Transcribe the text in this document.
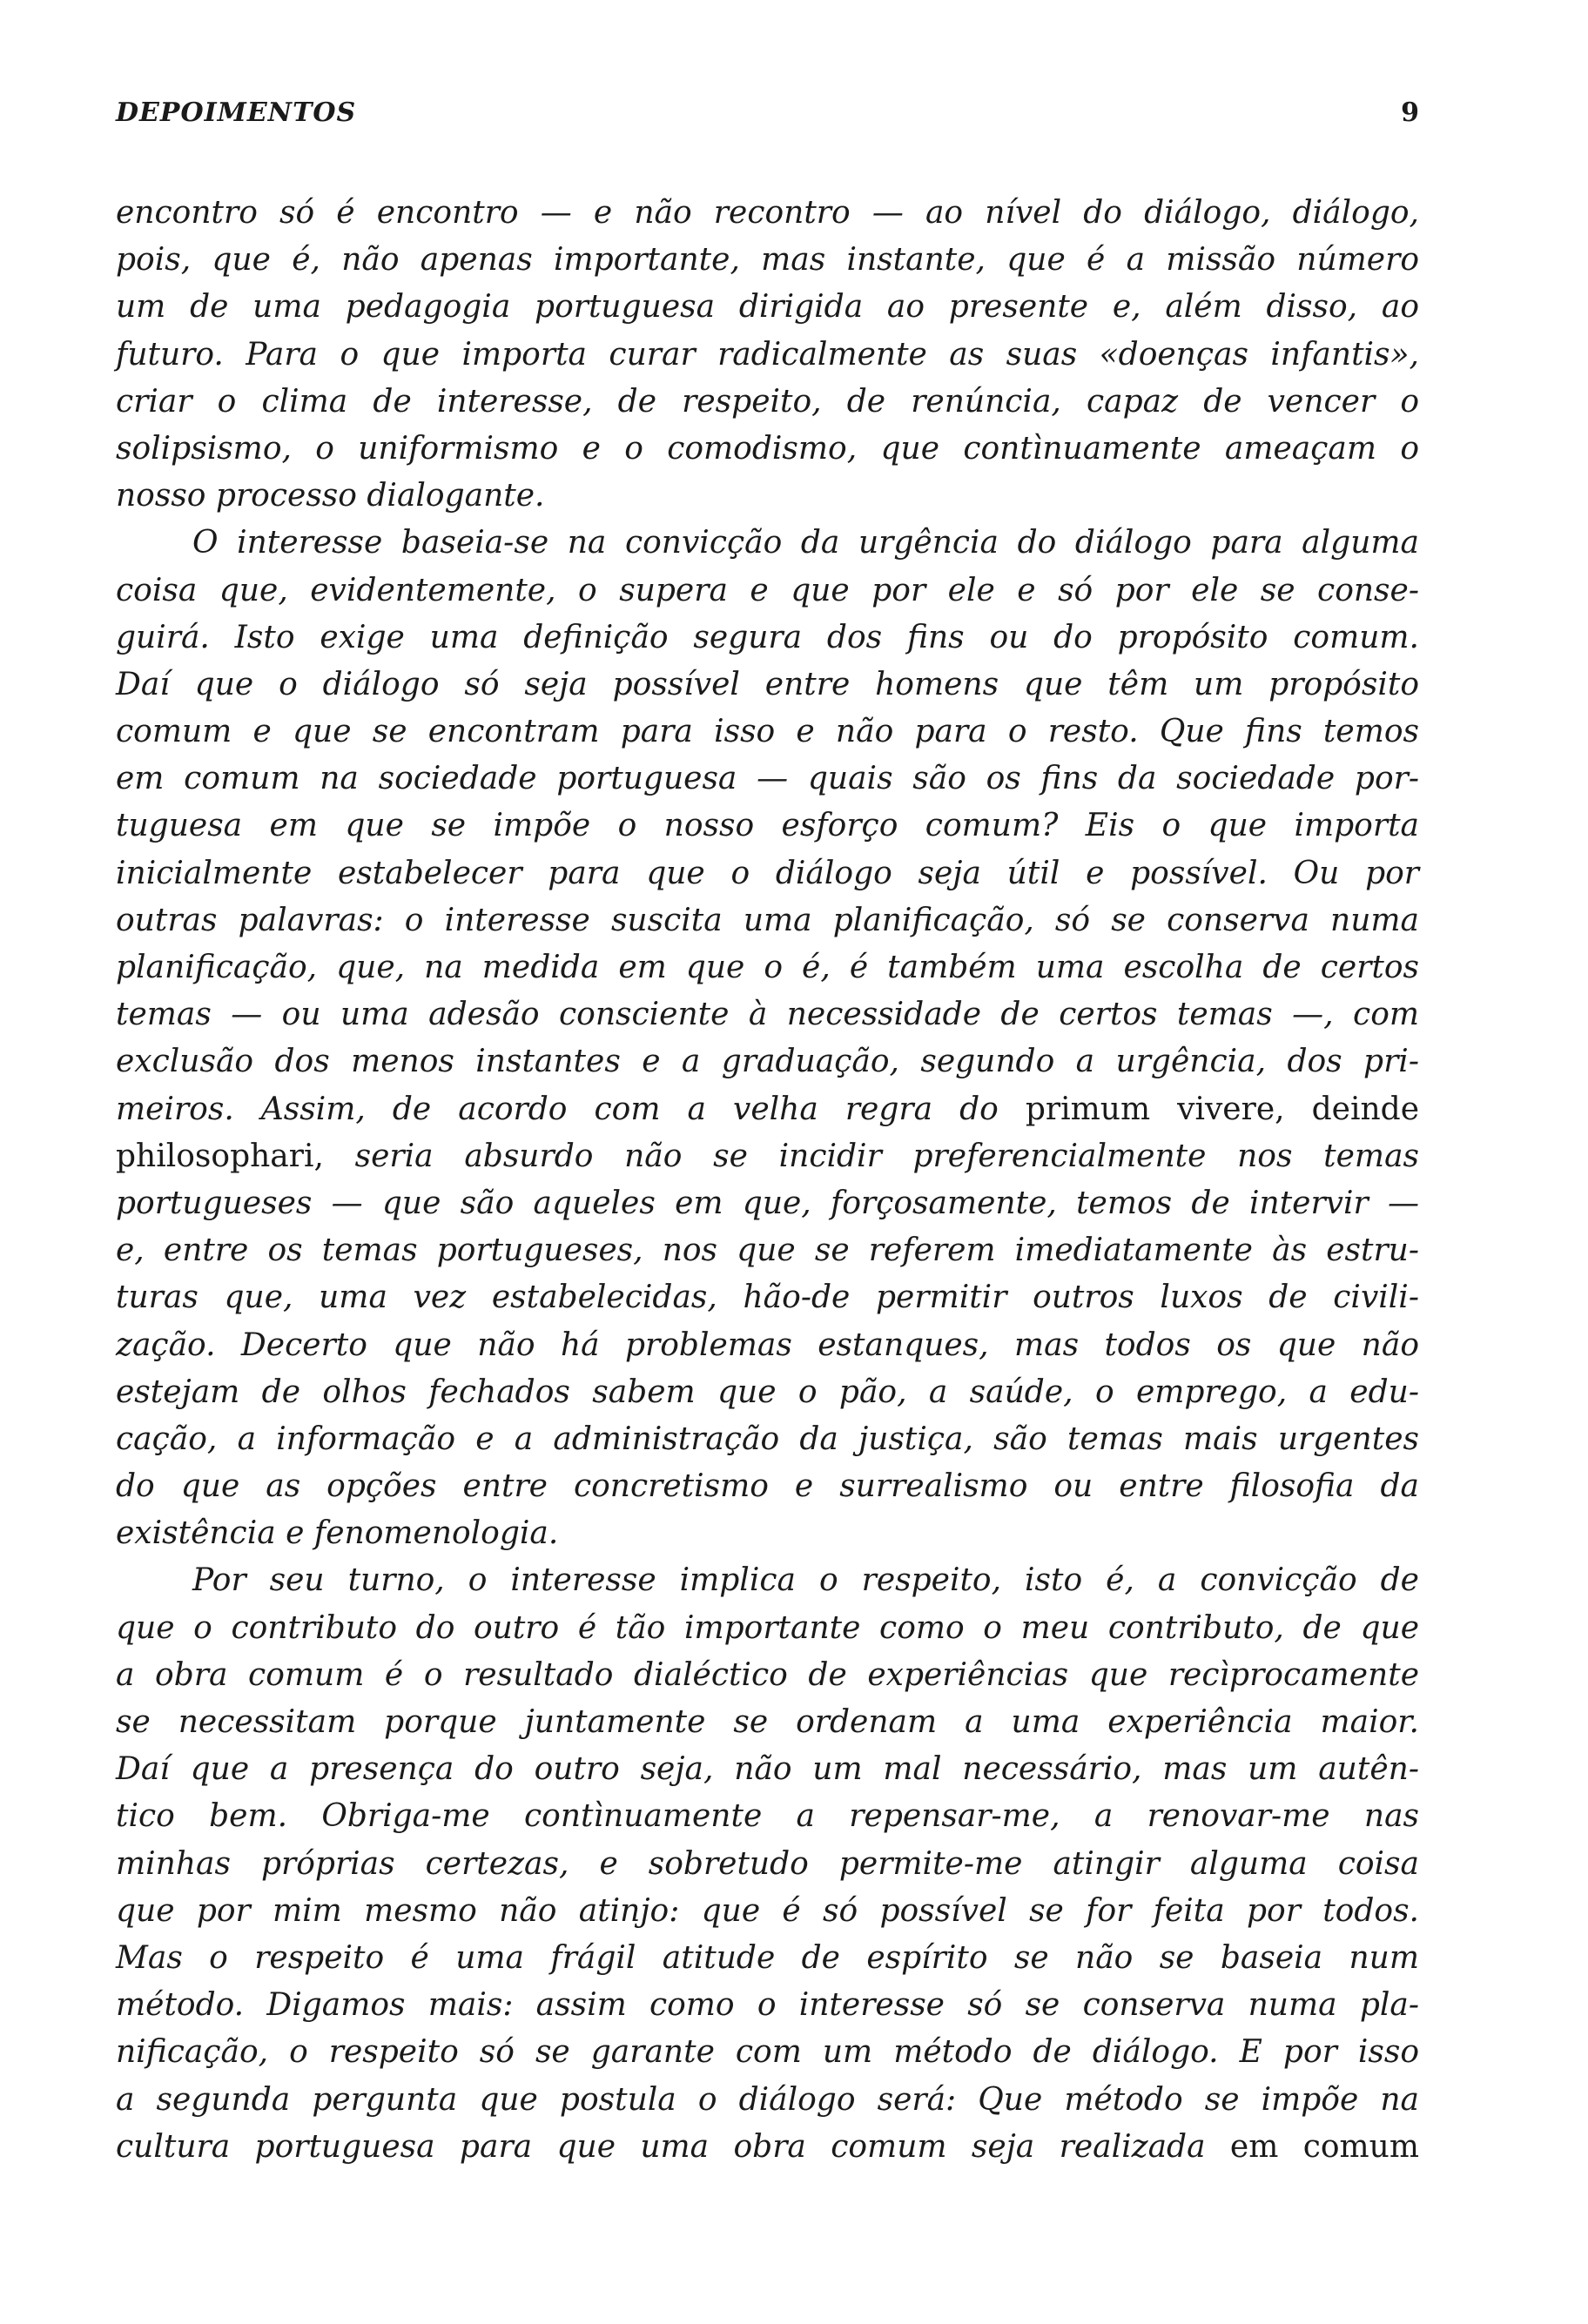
DEPOIMENTOS	9
encontro só é encontro — e não recontro — ao nível do diálogo, diálogo,
pois, que é, não apenas importante, mas instante, que é a missão número
um de uma pedagogia portuguesa dirigida ao presente e, além disso, ao
futuro. Para o que importa curar radicalmente as suas «doenças infantis»,
criar o clima de interesse, de respeito, de renúncia, capaz de vencer o
solipsismo, o uniformismo e o comodismo, que contìnuamente ameaçam o
nosso processo dialogante.
O interesse baseia-se na convicção da urgência do diálogo para alguma
coisa que, evidentemente, o supera e que por ele e só por ele se conse-
guirá. Isto exige uma definição segura dos fins ou do propósito comum.
Daí que o diálogo só seja possível entre homens que têm um propósito
comum e que se encontram para isso e não para o resto. Que fins temos
em comum na sociedade portuguesa — quais são os fins da sociedade por-
tuguesa em que se impõe o nosso esforço comum? Eis o que importa
inicialmente estabelecer para que o diálogo seja útil e possível. Ou por
outras palavras: o interesse suscita uma planificação, só se conserva numa
planificação, que, na medida em que o é, é também uma escolha de certos
temas — ou uma adesão consciente à necessidade de certos temas —, com
exclusão dos menos instantes e a graduação, segundo a urgência, dos pri-
meiros. Assim, de acordo com a velha regra do primum vivere, deinde
philosophari, seria absurdo não se incidir preferencialmente nos temas
portugueses — que são aqueles em que, forçosamente, temos de intervir —
e, entre os temas portugueses, nos que se referem imediatamente às estru-
turas que, uma vez estabelecidas, hão-de permitir outros luxos de civili-
zação. Decerto que não há problemas estanques, mas todos os que não
estejam de olhos fechados sabem que o pão, a saúde, o emprego, a edu-
cação, a informação e a administração da justiça, são temas mais urgentes
do que as opções entre concretismo e surrealismo ou entre filosofia da
existência e fenomenologia.
Por seu turno, o interesse implica o respeito, isto é, a convicção de
que o contributo do outro é tão importante como o meu contributo, de que
a obra comum é o resultado dialéctico de experiências que recìprocamente
se necessitam porque juntamente se ordenam a uma experiência maior.
Daí que a presença do outro seja, não um mal necessário, mas um autên-
tico bem. Obriga-me contìnuamente a repensar-me, a renovar-me nas
minhas próprias certezas, e sobretudo permite-me atingir alguma coisa
que por mim mesmo não atinjo: que é só possível se for feita por todos.
Mas o respeito é uma frágil atitude de espírito se não se baseia num
método. Digamos mais: assim como o interesse só se conserva numa pla-
nificação, o respeito só se garante com um método de diálogo. E por isso
a segunda pergunta que postula o diálogo será: Que método se impõe na
cultura portuguesa para que uma obra comum seja realizada em comum
